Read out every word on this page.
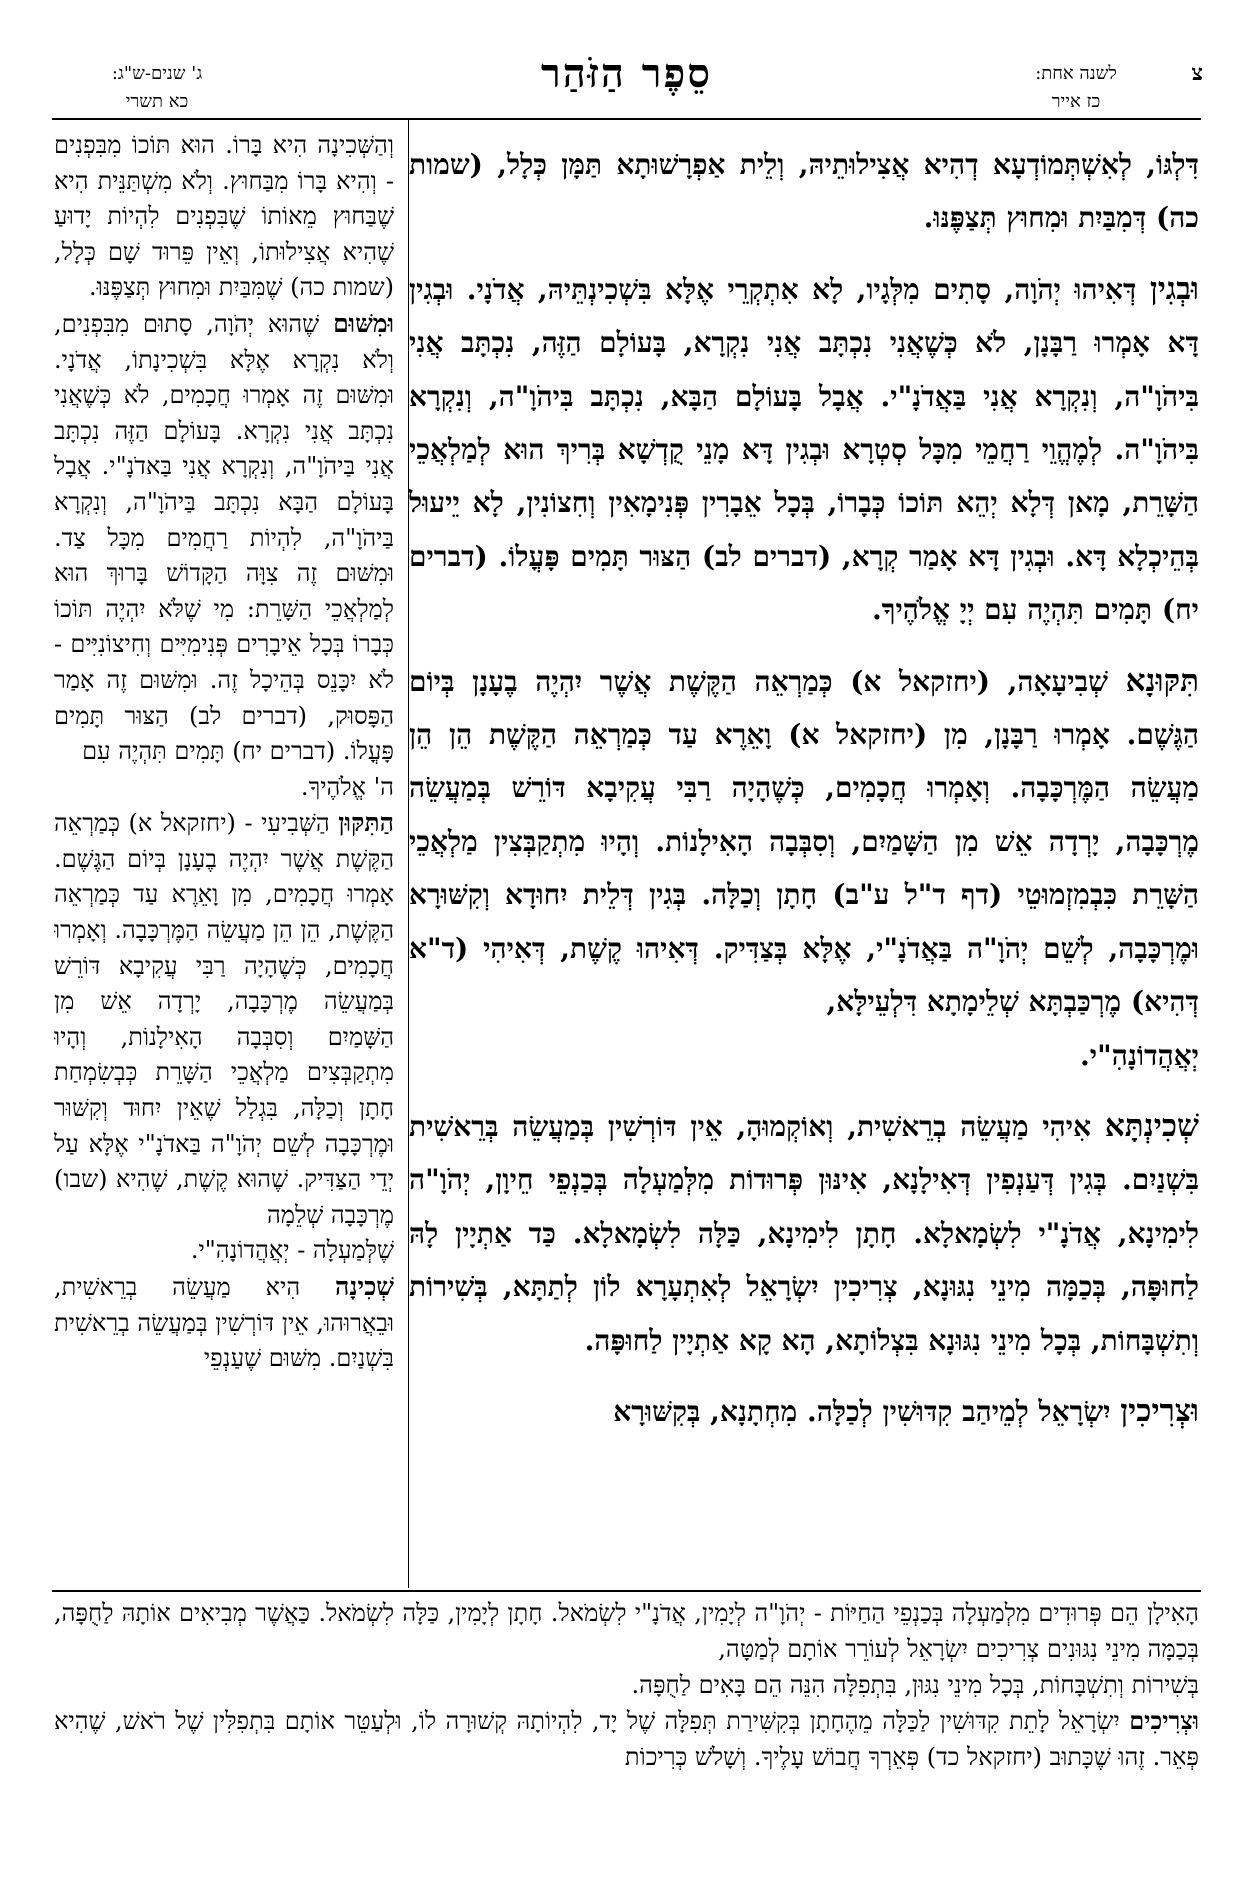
צ
לשנה אחת:
כז אייר
סֵפֶר הַזֹּהַר
ג' שנים-ש"ג:
כא תשרי

דִּלְגּוֹ, לְאִשְׁתְּמוֹדְעָא דְהִיא אֲצִילוּתֵיהּ, וְלֵית אַפְרָשׁוּתָא תַּמָּן כְּלָל, (שמות כה) דְּמִבַּיִת וּמִחוּץ תְּצַפֶּנּוּ.

וּבְגִין דְּאִיהוּ יְהֹוָה, סָתִים מִלְּגָיו, לָא אִתְקְרֵי אֶלָּא בִּשְׁכִינְתֵּיהּ, אֲדֹנָי. וּבְגִין דָּא אָמְרוּ רַבָּנָן, לֹא כְּשֶׁאֲנִי נִכְתָּב אֲנִי נִקְרָא, בָּעוֹלָם הַזֶּה, נִכְתָּב אֲנִי בִּיהֹוָ"ה, וְנִקְרָא אֲנִי בַּאֲדֹנָ"י. אֲבָל בָּעוֹלָם הַבָּא, נִכְתָּב בִּיהֹוָ"ה, וְנִקְרָא בִּיהֹוָ"ה. לְמֶהֱוֵי רַחֲמֵי מִכָּל סְטְרָא וּבְגִין דָּא מָנֵי קֻדְשָׁא בְּרִיךְ הוּא לְמַלְאֲכֵי הַשָּׁרֵת, מָאן דְּלָא יְהֵא תּוֹכוֹ כְּבָרוֹ, בְּכָל אֵבָרִין פְּנִימָאִין וְחִצוֹנִין, לָא יֵיעוּל בְּהֵיכְלָא דָּא. וּבְגִין דָּא אָמַר קְרָא, (דברים לב) הַצּוּר תָּמִים פָּעֳלוֹ. (דברים יח) תָּמִים תִּהְיֶה עִם יְיָ אֱלֹהֶיךָ.

תִּקּוּנָא שְׁבִיעָאָה, (יחזקאל א) כְּמַרְאֵה הַקֶּשֶׁת אֲשֶׁר יִהְיֶה בֶעָנָן בְּיוֹם הַגֶּשֶׁם. אָמְרוּ רַבָּנָן, מִן (יחזקאל א) וָאֵרֶא עַד כְּמַרְאֵה הַקֶּשֶׁת הֵן הֵן מַעֲשֵׂה הַמֶּרְכָּבָה. וְאָמְרוּ חֲכָמִים, כְּשֶׁהָיָה רַבִּי עֲקִיבָא דּוֹרֵשׁ בְּמַעֲשֵׂה מֶרְכָּבָה, יָרְדָה אֵשׁ מִן הַשָּׁמַיִם, וְסִבְּבָה הָאִילָנוֹת. וְהָיוּ מִתְקַבְּצִין מַלְאֲכֵי הַשָּׁרֵת כִּבְמִזְמוּטֵי (דף ד"ל ע"ב) חָתָן וְכַלָּה. בְּגִין דְּלֵית יִחוּדָא וְקִשּׁוּרָא וּמֶרְכָּבָה, לְשֵׁם יְהֹוָ"ה בַּאֲדֹנָ"י, אֶלָּא בְּצַדִּיק. דְּאִיהוּ קֶשֶׁת, דְּאִיהִי (ד"א דְּהִיא) מֶרְכַּבְתָּא שְׁלֵימָתָא דִּלְעֵילָּא,
יְאֲהֲדוֹנָהִ"י.

שְׁכִינְתָּא אִיהִי מַעֲשֵׂה בְרֵאשִׁית, וְאוֹקְמוּהָ, אֵין דּוֹרְשִׁין בְּמַעֲשֵׂה בְּרֵאשִׁית בִּשְׁנַיִם. בְּגִין דְּעַנְפִין דְּאִילָנָא, אִינּוּן פְּרוּדוֹת מִלְּמַעְלָה בְּכַנְפֵי חֵיוָן, יְהֹוָ"ה לִימִינָא, אֲדֹנָ"י לִשְׂמָאלָא. חָתָן לִימִינָא, כַּלָּה לִשְׂמָאלָא. כַּד אַתְיָין לָהּ לַחוּפָּה, בְּכַמָּה מִינֵי נִגּוּנָא, צְרִיכִין יִשְׂרָאֵל לְאִתְעָרָא לוֹן לְתַתָּא, בְּשִׁירוֹת וְתִשְׁבָּחוֹת, בְּכָל מִינֵי נִגּוּנָא בִּצְלוֹתָא, הָא קָא אַתְיָין לַחוּפָּה.

וּצְרִיכִין יִשְׂרָאֵל לְמֵיהַב קִדּוּשִׁין לְכַלָּה. מִחְתָנָא, בְּקִשּׁוּרָא

וְהַשְּׁכִינָה הִיא בָּרוֹ. הוּא תּוֹכוֹ מִבִּפְנִים - וְהִיא בָּרוֹ מִבַּחוּץ. וְלֹא מִשְׁתַּנֵּית הִיא שֶׁבַּחוּץ מֵאוֹתוֹ שֶׁבִּפְנִים לִהְיוֹת יָדוּעַ שֶׁהִיא אֲצִילוּתוֹ, וְאֵין פֵּרוּד שָׁם כְּלָל, (שמות כה) שֶׁמִּבַּיִת וּמִחוּץ תְּצַפֶּנּוּ.

וּמִשּׁוּם שֶׁהוּא יְהֹוָה, סָתוּם מִבִּפְנִים, וְלֹא נִקְרָא אֶלָּא בִּשְׁכִינָתוֹ, אֲדֹנָי. וּמִשּׁוּם זֶה אָמְרוּ חֲכָמִים, לֹא כְּשֶׁאֲנִי נִכְתָּב אֲנִי נִקְרָא. בָּעוֹלָם הַזֶּה נִכְתָּב אֲנִי בַּיהֹוָ"ה, וְנִקְרָא אֲנִי בַּאדֹנָ"י. אֲבָל בָּעוֹלָם הַבָּא נִכְתָּב בַּיהֹוָ"ה, וְנִקְרָא בַּיהֹוָ"ה, לִהְיוֹת רַחֲמִים מִכָּל צַד. וּמִשּׁוּם זֶה צִוָּה הַקָּדוֹשׁ בָּרוּךְ הוּא לְמַלְאֲכֵי הַשָּׁרֵת: מִי שֶׁלֹּא יִהְיֶה תּוֹכוֹ כְּבָרוֹ בְּכָל אֵיבָרִים פְּנִימִיִּים וְחִיצוֹנִיִּים - לֹא יִכָּנֵס בְּהֵיכָל זֶה. וּמִשּׁוּם זֶה אָמַר הַפָּסוּק, (דברים לב) הַצּוּר תָּמִים פָּעֳלוֹ. (דברים יח) תָּמִים תִּהְיֶה עִם
ה' אֱלֹהֶיךָ.

הַתִּקּוּן הַשְּׁבִיעִי - (יחזקאל א) כְּמַרְאֵה הַקֶּשֶׁת אֲשֶׁר יִהְיֶה בֶעָנָן בְּיוֹם הַגֶּשֶׁם. אָמְרוּ חֲכָמִים, מִן וָאֵרֶא עַד כְּמַרְאֵה הַקֶּשֶׁת, הֵן הֵן מַעֲשֵׂה הַמֶּרְכָּבָה. וְאָמְרוּ חֲכָמִים, כְּשֶׁהָיָה רַבִּי עֲקִיבָא דּוֹרֵשׁ בְּמַעֲשֵׂה מֶרְכָּבָה, יָרְדָה אֵשׁ מִן הַשָּׁמַיִם וְסִבְּבָה הָאִילָנוֹת, וְהָיוּ מִתְקַבְּצִים מַלְאֲכֵי הַשָּׁרֵת כְּבְשִׂמְחַת חָתָן וְכַלָּה, בִּגְלַל שֶׁאֵין יִחוּד וְקִשּׁוּר וּמֶרְכָּבָה לְשֵׁם יְהֹוָ"ה בַּאדֹנָ"י אֶלָּא עַל יְדֵי הַצַּדִּיק. שֶׁהוּא קֶשֶׁת, שֶׁהִיא (שבו) מֶרְכָּבָה שְׁלֵמָה
שֶׁלְּמַעְלָה - יְאֲהֲדוֹנָהִ"י.

שְׁכִינָה הִיא מַעֲשֵׂה בְרֵאשִׁית, וּבֵאֲרוּהוּ, אֵין דּוֹרְשִׁין בְּמַעֲשֵׂה בְרֵאשִׁית בִּשְׁנַיִם. מִשּׁוּם שֶׁעַנְפֵי

הָאִילָן הֵם פְּרוּדִים מִלְמַעְלָה בְּכַנְפֵי הַחַיּוֹת - יְהֹוָ"ה לְיָמִין, אֲדֹנָ"י לִשְׂמֹאל. חָתָן לְיָמִין, כַּלָּה לִשְׂמֹאל. כַּאֲשֶׁר מְבִיאִים אוֹתָהּ לַחֻפָּה, בְּכַמָּה מִינֵי נִגּוּנִים צְרִיכִים יִשְׂרָאֵל לְעוֹרֵר אוֹתָם לְמַטָּה,
בְּשִׁירוֹת וְתִשְׁבָּחוֹת, בְּכָל מִינֵי נִגּוּן, בִּתְפִלָּה הִנֵּה הֵם בָּאִים לַחֻפָּה.

וּצְרִיכִים יִשְׂרָאֵל לָתֵת קִדּוּשִׁין לַכַּלָּה מֵהֶחָתָן בְּקִשִּׁירַת תְּפִלָּה שֶׁל יָד, לִהְיוֹתָהּ קְשׁוּרָה לוֹ, וּלְעַטֵּר אוֹתָם בִּתְפִלִּין שֶׁל רֹאשׁ, שֶׁהִיא פְּאֵר. זֶהוּ שֶׁכָּתוּב (יחזקאל כד) פְּאֵרְךָ חֲבוֹשׁ עָלֶיךָ. וְשָׁלֹשׁ כְּרִיכוֹת
